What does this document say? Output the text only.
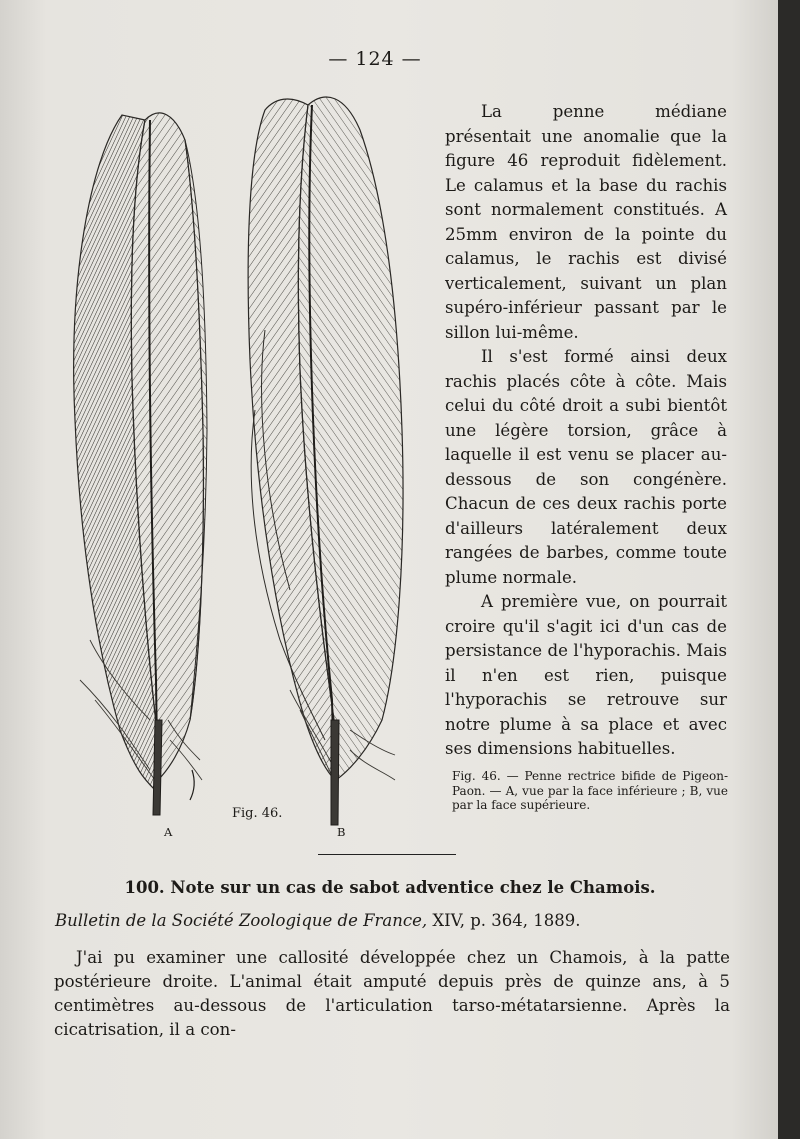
— 124 —

La penne médiane présentait une anomalie que la figure 46 reproduit fidèlement. Le calamus et la base du rachis sont normalement constitués. A 25mm environ de la pointe du calamus, le rachis est divisé verticalement, suivant un plan supéro-inférieur passant par le sillon lui-même.

Il s'est formé ainsi deux rachis placés côte à côte. Mais celui du côté droit a subi bientôt une légère torsion, grâce à laquelle il est venu se placer au-dessous de son congénère. Chacun de ces deux rachis porte d'ailleurs latéralement deux rangées de barbes, comme toute plume normale.

A première vue, on pourrait croire qu'il s'agit ici d'un cas de persistance de l'hyporachis. Mais il n'en est rien, puisque l'hyporachis se retrouve sur notre plume à sa place et avec ses dimensions habituelles.

Fig. 46.
A	B
Fig. 46. — Penne rectrice bifide de Pigeon-Paon. — A, vue par la face inférieure ; B, vue par la face supérieure.
100. Note sur un cas de sabot adventice chez le Chamois.
Bulletin de la Société Zoologique de France, XIV, p. 364, 1889.
J'ai pu examiner une callosité développée chez un Chamois, à la patte postérieure droite. L'animal était amputé depuis près de quinze ans, à 5 centimètres au-dessous de l'articulation tarso-métatarsienne. Après la cicatrisation, il a con-
